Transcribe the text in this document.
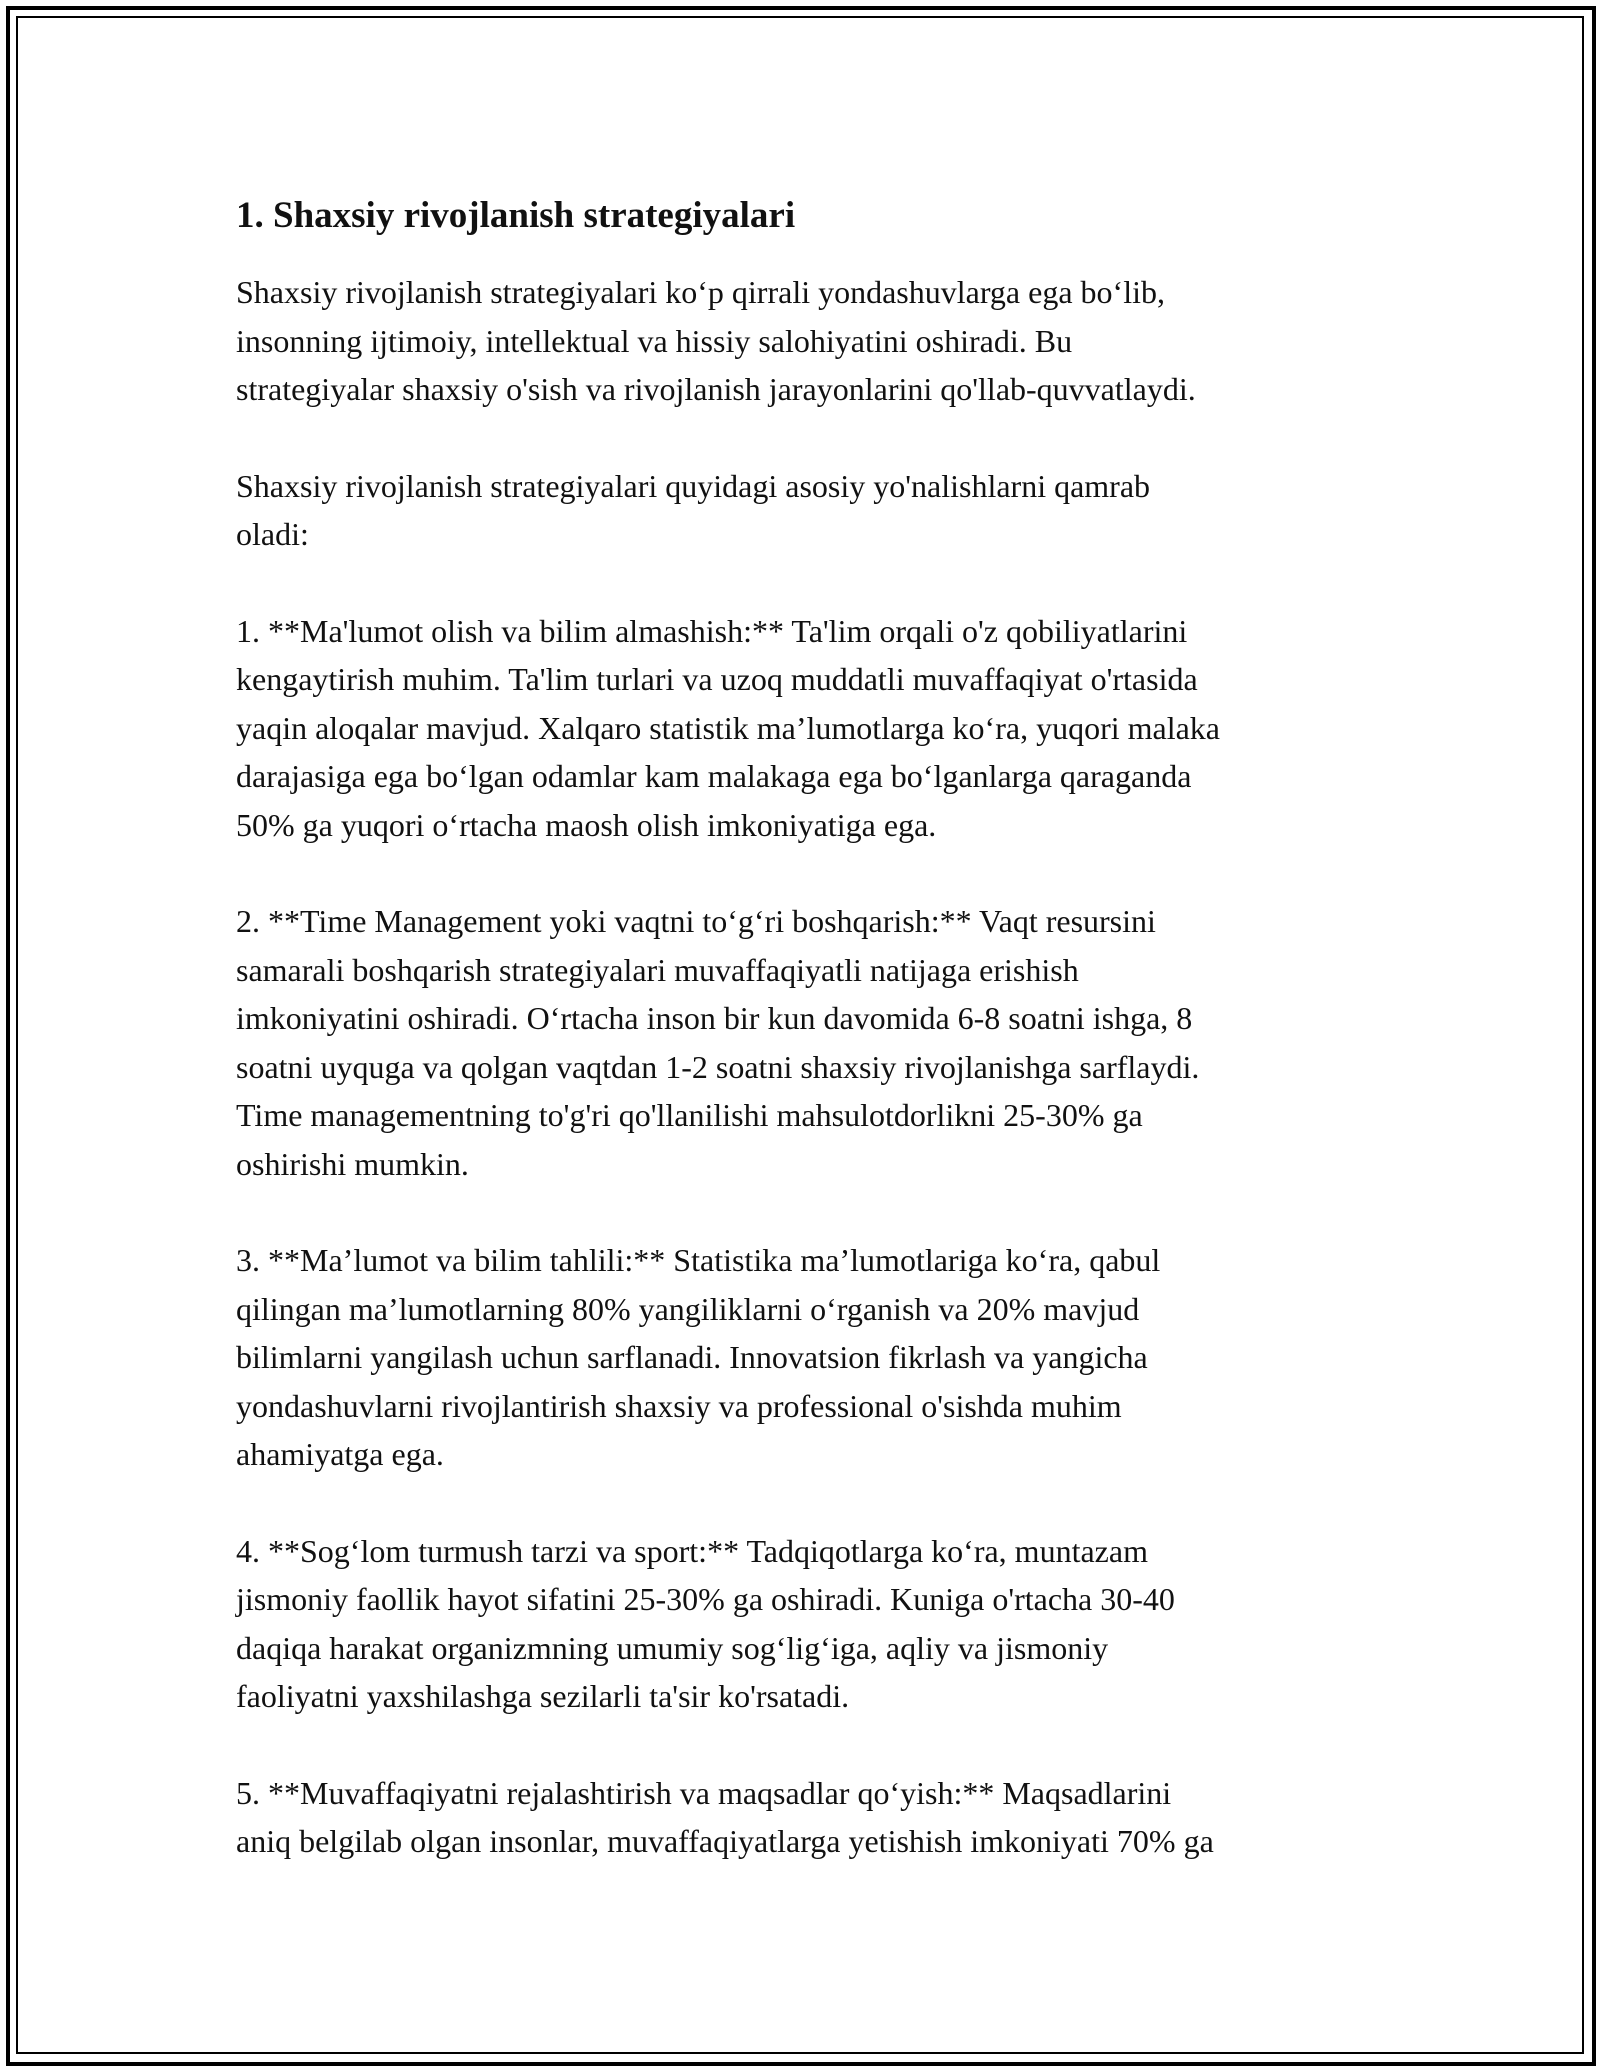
1. Shaxsiy rivojlanish strategiyalari
Shaxsiy rivojlanish strategiyalari ko‘p qirrali yondashuvlarga ega bo‘lib,
insonning ijtimoiy, intellektual va hissiy salohiyatini oshiradi. Bu
strategiyalar shaxsiy o'sish va rivojlanish jarayonlarini qo'llab-quvvatlaydi.
Shaxsiy rivojlanish strategiyalari quyidagi asosiy yo'nalishlarni qamrab
oladi:
1. **Ma'lumot olish va bilim almashish:** Ta'lim orqali o'z qobiliyatlarini
kengaytirish muhim. Ta'lim turlari va uzoq muddatli muvaffaqiyat o'rtasida
yaqin aloqalar mavjud. Xalqaro statistik ma’lumotlarga ko‘ra, yuqori malaka
darajasiga ega bo‘lgan odamlar kam malakaga ega bo‘lganlarga qaraganda
50% ga yuqori o‘rtacha maosh olish imkoniyatiga ega.
2. **Time Management yoki vaqtni to‘g‘ri boshqarish:** Vaqt resursini
samarali boshqarish strategiyalari muvaffaqiyatli natijaga erishish
imkoniyatini oshiradi. O‘rtacha inson bir kun davomida 6-8 soatni ishga, 8
soatni uyquga va qolgan vaqtdan 1-2 soatni shaxsiy rivojlanishga sarflaydi.
Time managementning to'g'ri qo'llanilishi mahsulotdorlikni 25-30% ga
oshirishi mumkin.
3. **Ma’lumot va bilim tahlili:** Statistika ma’lumotlariga ko‘ra, qabul
qilingan ma’lumotlarning 80% yangiliklarni o‘rganish va 20% mavjud
bilimlarni yangilash uchun sarflanadi. Innovatsion fikrlash va yangicha
yondashuvlarni rivojlantirish shaxsiy va professional o'sishda muhim
ahamiyatga ega.
4. **Sog‘lom turmush tarzi va sport:** Tadqiqotlarga ko‘ra, muntazam
jismoniy faollik hayot sifatini 25-30% ga oshiradi. Kuniga o'rtacha 30-40
daqiqa harakat organizmning umumiy sog‘lig‘iga, aqliy va jismoniy
faoliyatni yaxshilashga sezilarli ta'sir ko'rsatadi.
5. **Muvaffaqiyatni rejalashtirish va maqsadlar qo‘yish:** Maqsadlarini
aniq belgilab olgan insonlar, muvaffaqiyatlarga yetishish imkoniyati 70% ga
